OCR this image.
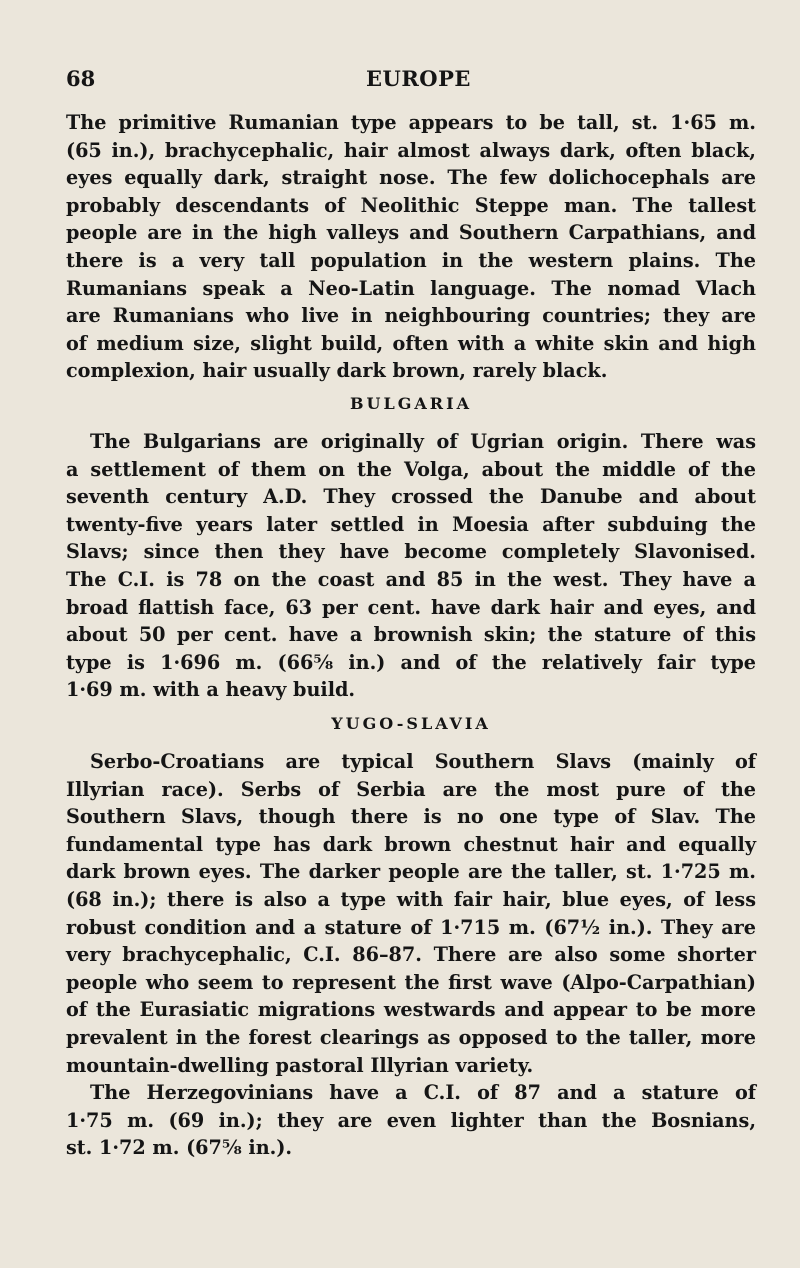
68	EUROPE
The primitive Rumanian type appears to be tall, st. 1·65 m.
(65 in.), brachycephalic, hair almost always dark, often black,
eyes equally dark, straight nose. The few dolichocephals are
probably descendants of Neolithic Steppe man. The tallest
people are in the high valleys and Southern Carpathians, and
there is a very tall population in the western plains. The
Rumanians speak a Neo-Latin language. The nomad Vlach
are Rumanians who live in neighbouring countries; they are
of medium size, slight build, often with a white skin and high
complexion, hair usually dark brown, rarely black.
BULGARIA
The Bulgarians are originally of Ugrian origin. There was
a settlement of them on the Volga, about the middle of the
seventh century A.D. They crossed the Danube and about
twenty-five years later settled in Moesia after subduing the
Slavs; since then they have become completely Slavonised.
The C.I. is 78 on the coast and 85 in the west. They have a
broad flattish face, 63 per cent. have dark hair and eyes, and
about 50 per cent. have a brownish skin; the stature of this
type is 1·696 m. (66⅝ in.) and of the relatively fair type
1·69 m. with a heavy build.
YUGO-SLAVIA
Serbo-Croatians are typical Southern Slavs (mainly of
Illyrian race). Serbs of Serbia are the most pure of the
Southern Slavs, though there is no one type of Slav. The
fundamental type has dark brown chestnut hair and equally
dark brown eyes. The darker people are the taller, st. 1·725 m.
(68 in.); there is also a type with fair hair, blue eyes, of less
robust condition and a stature of 1·715 m. (67½ in.). They are
very brachycephalic, C.I. 86–87. There are also some shorter
people who seem to represent the first wave (Alpo-Carpathian)
of the Eurasiatic migrations westwards and appear to be more
prevalent in the forest clearings as opposed to the taller, more
mountain-dwelling pastoral Illyrian variety.
The Herzegovinians have a C.I. of 87 and a stature of
1·75 m. (69 in.); they are even lighter than the Bosnians,
st. 1·72 m. (67⅝ in.).
